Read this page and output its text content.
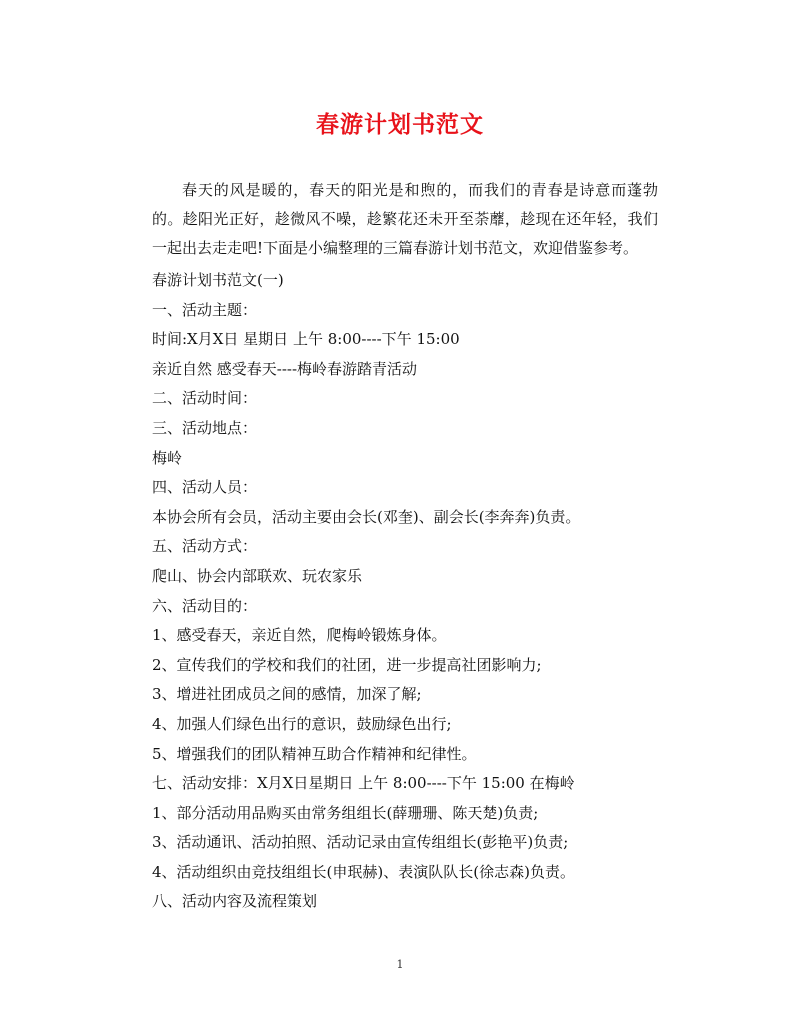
春游计划书范文
春天的风是暖的，春天的阳光是和煦的，而我们的青春是诗意而蓬勃的。趁阳光正好，趁微风不噪，趁繁花还未开至荼蘼，趁现在还年轻，我们一起出去走走吧!下面是小编整理的三篇春游计划书范文，欢迎借鉴参考。
春游计划书范文(一)
一、活动主题：
时间:X月X日 星期日 上午 8:00----下午 15:00
亲近自然 感受春天----梅岭春游踏青活动
二、活动时间：
三、活动地点：
梅岭
四、活动人员：
本协会所有会员，活动主要由会长(邓奎)、副会长(李奔奔)负责。
五、活动方式：
爬山、协会内部联欢、玩农家乐
六、活动目的：
1、感受春天，亲近自然，爬梅岭锻炼身体。
2、宣传我们的学校和我们的社团，进一步提高社团影响力;
3、增进社团成员之间的感情，加深了解;
4、加强人们绿色出行的意识，鼓励绿色出行;
5、增强我们的团队精神互助合作精神和纪律性。
七、活动安排：X月X日星期日 上午 8:00----下午 15:00 在梅岭
1、部分活动用品购买由常务组组长(薛珊珊、陈天楚)负责;
3、活动通讯、活动拍照、活动记录由宣传组组长(彭艳平)负责;
4、活动组织由竞技组组长(申珉赫)、表演队队长(徐志森)负责。
八、活动内容及流程策划
1
